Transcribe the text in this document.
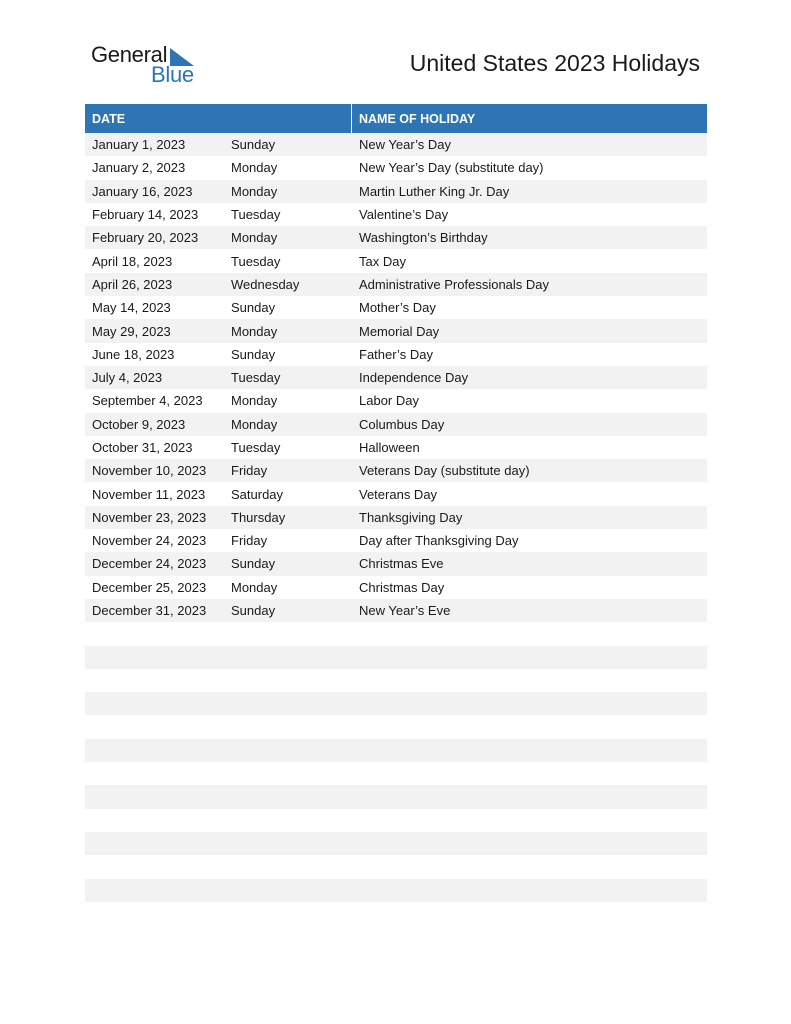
General
Blue	United States 2023 Holidays
DATE	NAME OF HOLIDAY
January 1, 2023	Sunday	New Year’s Day
January 2, 2023	Monday	New Year’s Day (substitute day)
January 16, 2023	Monday	Martin Luther King Jr. Day
February 14, 2023	Tuesday	Valentine’s Day
February 20, 2023	Monday	Washington’s Birthday
April 18, 2023	Tuesday	Tax Day
April 26, 2023	Wednesday	Administrative Professionals Day
May 14, 2023	Sunday	Mother’s Day
May 29, 2023	Monday	Memorial Day
June 18, 2023	Sunday	Father’s Day
July 4, 2023	Tuesday	Independence Day
September 4, 2023	Monday	Labor Day
October 9, 2023	Monday	Columbus Day
October 31, 2023	Tuesday	Halloween
November 10, 2023	Friday	Veterans Day (substitute day)
November 11, 2023	Saturday	Veterans Day
November 23, 2023	Thursday	Thanksgiving Day
November 24, 2023	Friday	Day after Thanksgiving Day
December 24, 2023	Sunday	Christmas Eve
December 25, 2023	Monday	Christmas Day
December 31, 2023	Sunday	New Year’s Eve
